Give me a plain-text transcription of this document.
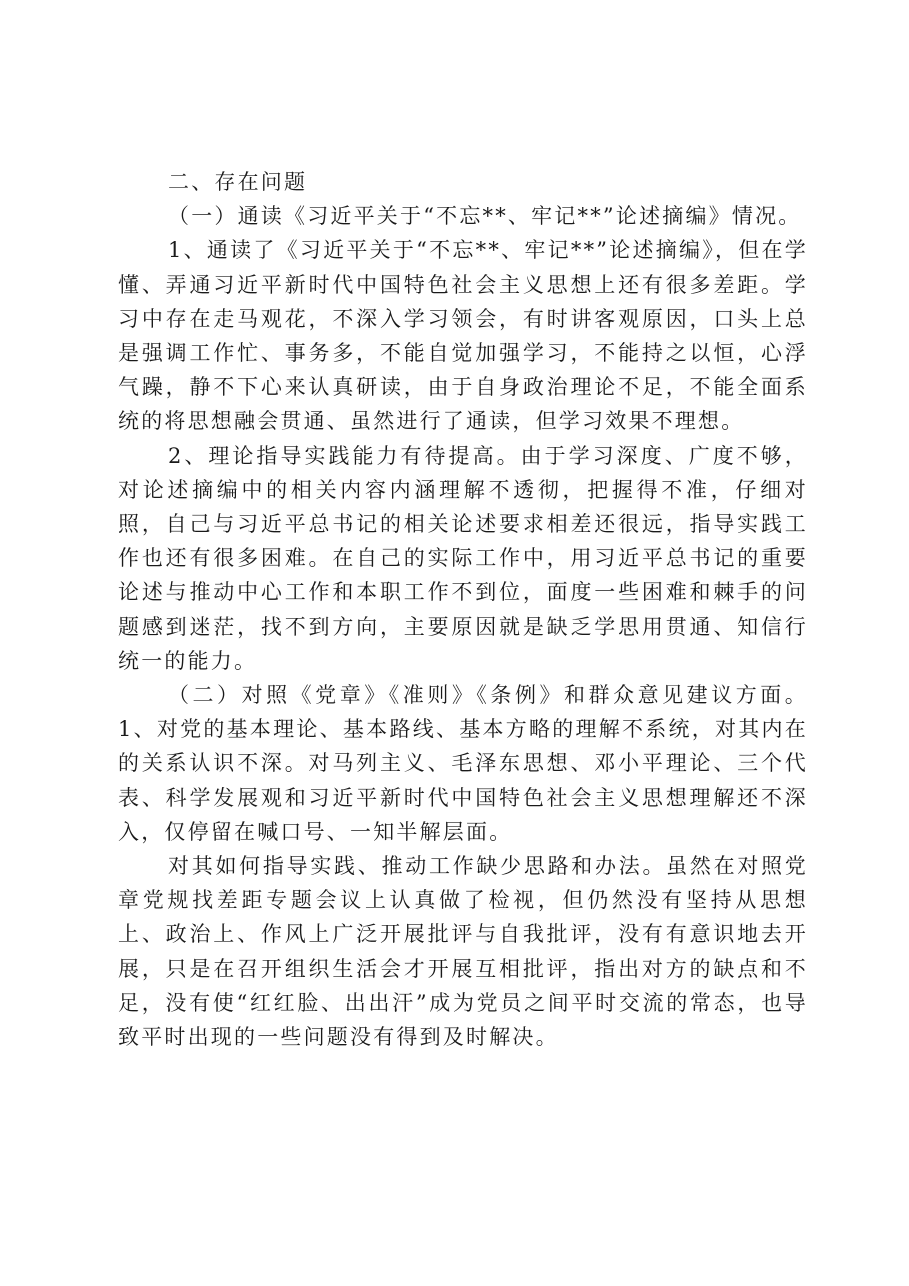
二、存在问题

（一）通读《习近平关于“不忘**、牢记**”论述摘编》情况。

1、通读了《习近平关于“不忘**、牢记**”论述摘编》，但在学懂、弄通习近平新时代中国特色社会主义思想上还有很多差距。学习中存在走马观花，不深入学习领会，有时讲客观原因，口头上总是强调工作忙、事务多，不能自觉加强学习，不能持之以恒，心浮气躁，静不下心来认真研读，由于自身政治理论不足，不能全面系统的将思想融会贯通、虽然进行了通读，但学习效果不理想。

2、理论指导实践能力有待提高。由于学习深度、广度不够，对论述摘编中的相关内容内涵理解不透彻，把握得不准，仔细对照，自己与习近平总书记的相关论述要求相差还很远，指导实践工作也还有很多困难。在自己的实际工作中，用习近平总书记的重要论述与推动中心工作和本职工作不到位，面度一些困难和棘手的问题感到迷茫，找不到方向，主要原因就是缺乏学思用贯通、知信行统一的能力。

（二）对照《党章》《准则》《条例》和群众意见建议方面。1、对党的基本理论、基本路线、基本方略的理解不系统，对其内在的关系认识不深。对马列主义、毛泽东思想、邓小平理论、三个代表、科学发展观和习近平新时代中国特色社会主义思想理解还不深入，仅停留在喊口号、一知半解层面。

对其如何指导实践、推动工作缺少思路和办法。虽然在对照党章党规找差距专题会议上认真做了检视，但仍然没有坚持从思想上、政治上、作风上广泛开展批评与自我批评，没有有意识地去开展，只是在召开组织生活会才开展互相批评，指出对方的缺点和不足，没有使“红红脸、出出汗”成为党员之间平时交流的常态，也导致平时出现的一些问题没有得到及时解决。
